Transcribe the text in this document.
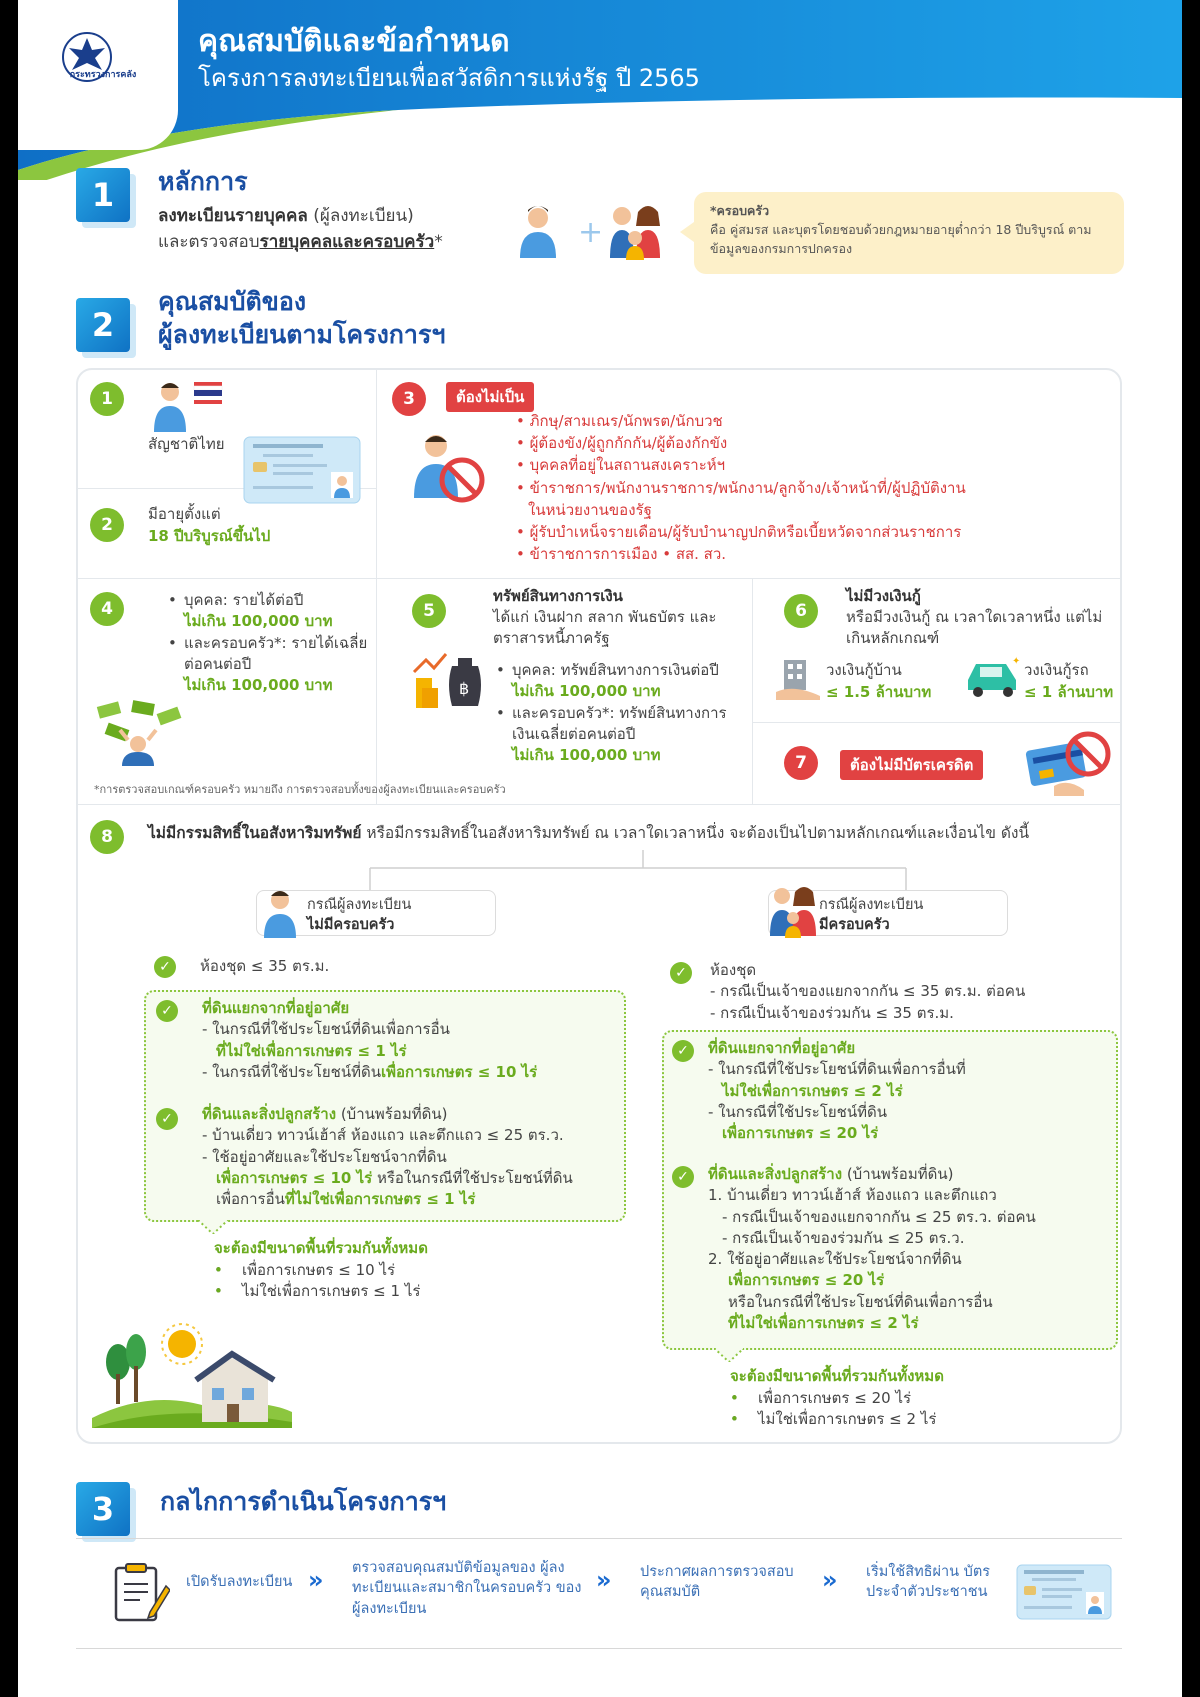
กระทรวงการคลัง
คุณสมบัติและข้อกำหนด
โครงการลงทะเบียนเพื่อสวัสดิการแห่งรัฐ ปี 2565
1	หลักการ
ลงทะเบียนรายบุคคล (ผู้ลงทะเบียน)
และตรวจสอบรายบุคคลและครอบครัว*	+
*ครอบครัว
คือ คู่สมรส และบุตรโดยชอบด้วยกฎหมายอายุต่ำกว่า 18 ปีบริบูรณ์ ตามข้อมูลของกรมการปกครอง
2
คุณสมบัติของ
ผู้ลงทะเบียนตามโครงการฯ
1
สัญชาติไทย
2
มีอายุตั้งแต่
18 ปีบริบูรณ์ขึ้นไป
3	ต้องไม่เป็น
• ภิกษุ/สามเณร/นักพรต/นักบวช
• ผู้ต้องขัง/ผู้ถูกกักกัน/ผู้ต้องกักขัง
• บุคคลที่อยู่ในสถานสงเคราะห์ฯ
• ข้าราชการ/พนักงานราชการ/พนักงาน/ลูกจ้าง/เจ้าหน้าที่/ผู้ปฏิบัติงาน
ในหน่วยงานของรัฐ
• ผู้รับบำเหน็จรายเดือน/ผู้รับบำนาญปกติหรือเบี้ยหวัดจากส่วนราชการ
• ข้าราชการการเมือง • สส. สว.
4
•	บุคคล: รายได้ต่อปี
ไม่เกิน 100,000 บาท
• และครอบครัว*: รายได้เฉลี่ยต่อคนต่อปี
ไม่เกิน 100,000 บาท
*การตรวจสอบเกณฑ์ครอบครัว หมายถึง การตรวจสอบทั้งของผู้ลงทะเบียนและครอบครัว
5
ทรัพย์สินทางการเงิน
ได้แก่ เงินฝาก สลาก พันธบัตร และตราสารหนี้ภาครัฐ
฿
• บุคคล: ทรัพย์สินทางการเงินต่อปี
ไม่เกิน 100,000 บาท
• และครอบครัว*: ทรัพย์สินทางการเงินเฉลี่ยต่อคนต่อปี
ไม่เกิน 100,000 บาท
6
ไม่มีวงเงินกู้
หรือมีวงเงินกู้ ณ เวลาใดเวลาหนึ่ง แต่ไม่เกินหลักเกณฑ์
วงเงินกู้บ้าน
≤ 1.5 ล้านบาท
✦ วงเงินกู้รถ
≤ 1 ล้านบาท
7	ต้องไม่มีบัตรเครดิต
8	ไม่มีกรรมสิทธิ์ในอสังหาริมทรัพย์ หรือมีกรรมสิทธิ์ในอสังหาริมทรัพย์ ณ เวลาใดเวลาหนึ่ง จะต้องเป็นไปตามหลักเกณฑ์และเงื่อนไข ดังนี้
กรณีผู้ลงทะเบียน
ไม่มีครอบครัว
✓	ห้องชุด ≤ 35 ตร.ม.
✓	ที่ดินแยกจากที่อยู่อาศัย
- ในกรณีที่ใช้ประโยชน์ที่ดินเพื่อการอื่น
ที่ไม่ใช่เพื่อการเกษตร ≤ 1 ไร่
- ในกรณีที่ใช้ประโยชน์ที่ดินเพื่อการเกษตร ≤ 10 ไร่
✓	ที่ดินและสิ่งปลูกสร้าง (บ้านพร้อมที่ดิน)
- บ้านเดี่ยว ทาวน์เฮ้าส์ ห้องแถว และตึกแถว ≤ 25 ตร.ว.
- ใช้อยู่อาศัยและใช้ประโยชน์จากที่ดิน
เพื่อการเกษตร ≤ 10 ไร่ หรือในกรณีที่ใช้ประโยชน์ที่ดิน
เพื่อการอื่นที่ไม่ใช่เพื่อการเกษตร ≤ 1 ไร่
จะต้องมีขนาดพื้นที่รวมกันทั้งหมด
• • เพื่อการเกษตร ≤ 10 ไร่
• • ไม่ใช่เพื่อการเกษตร ≤ 1 ไร่
กรณีผู้ลงทะเบียน
มีครอบครัว
✓	ห้องชุด
- กรณีเป็นเจ้าของแยกจากกัน ≤ 35 ตร.ม. ต่อคน
- กรณีเป็นเจ้าของร่วมกัน ≤ 35 ตร.ม.
✓	ที่ดินแยกจากที่อยู่อาศัย
- ในกรณีที่ใช้ประโยชน์ที่ดินเพื่อการอื่นที่
ไม่ใช่เพื่อการเกษตร ≤ 2 ไร่
- ในกรณีที่ใช้ประโยชน์ที่ดิน
เพื่อการเกษตร ≤ 20 ไร่
✓	ที่ดินและสิ่งปลูกสร้าง (บ้านพร้อมที่ดิน)
1. บ้านเดี่ยว ทาวน์เฮ้าส์ ห้องแถว และตึกแถว
- กรณีเป็นเจ้าของแยกจากกัน ≤ 25 ตร.ว. ต่อคน
- กรณีเป็นเจ้าของร่วมกัน ≤ 25 ตร.ว.
2. ใช้อยู่อาศัยและใช้ประโยชน์จากที่ดิน
เพื่อการเกษตร ≤ 20 ไร่
หรือในกรณีที่ใช้ประโยชน์ที่ดินเพื่อการอื่น
ที่ไม่ใช่เพื่อการเกษตร ≤ 2 ไร่
จะต้องมีขนาดพื้นที่รวมกันทั้งหมด
• • เพื่อการเกษตร ≤ 20 ไร่
• • ไม่ใช่เพื่อการเกษตร ≤ 2 ไร่
3	กลไกการดำเนินโครงการฯ
เปิดรับลงทะเบียน » ตรวจสอบคุณสมบัติข้อมูลของ ผู้ลงทะเบียนและสมาชิกในครอบครัว ของผู้ลงทะเบียน
» ประกาศผลการตรวจสอบ คุณสมบัติ	» เริ่มใช้สิทธิผ่าน บัตรประจำตัวประชาชน
